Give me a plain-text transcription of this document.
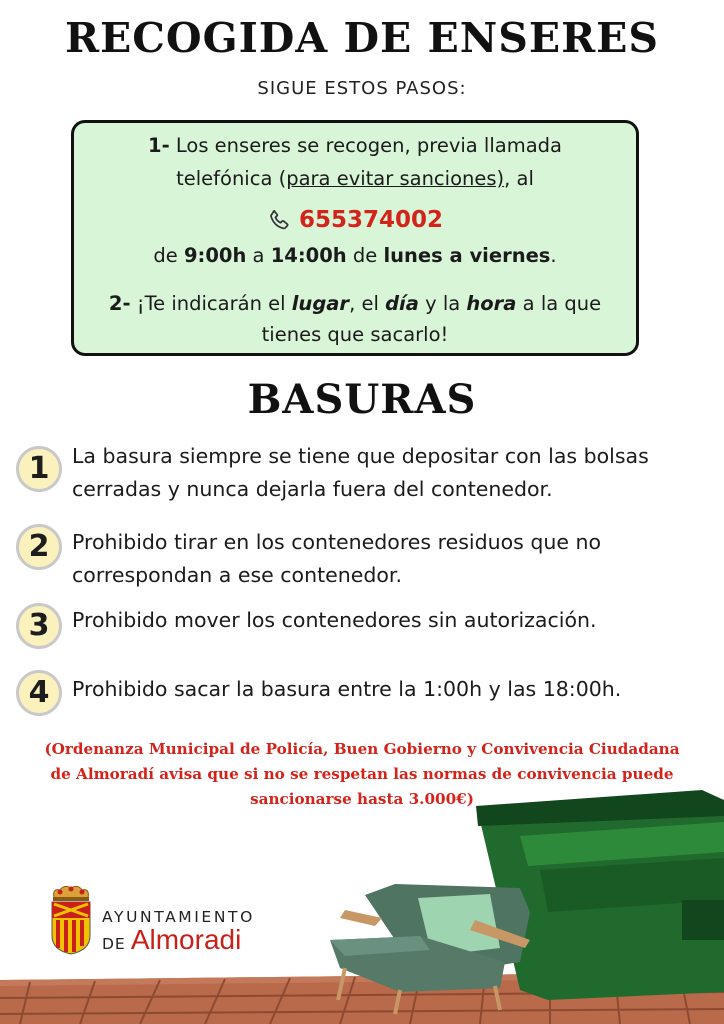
RECOGIDA DE ENSERES
SIGUE ESTOS PASOS:
1- Los enseres se recogen, previa llamada
telefónica (para evitar sanciones), al
655374002
de 9:00h a 14:00h de lunes a viernes.
2- ¡Te indicarán el lugar, el día y la hora a la que
tienes que sacarlo!
BASURAS
1	La basura siempre se tiene que depositar con las bolsas cerradas y nunca dejarla fuera del contenedor.
2	Prohibido tirar en los contenedores residuos que no correspondan a ese contenedor.
3	Prohibido mover los contenedores sin autorización.
4	Prohibido sacar la basura entre la 1:00h y las 18:00h.
(Ordenanza Municipal de Policía, Buen Gobierno y Convivencia Ciudadana
de Almoradí avisa que si no se respetan las normas de convivencia puede
sancionarse hasta 3.000€)
AYUNTAMIENTO
DE Almoradi
